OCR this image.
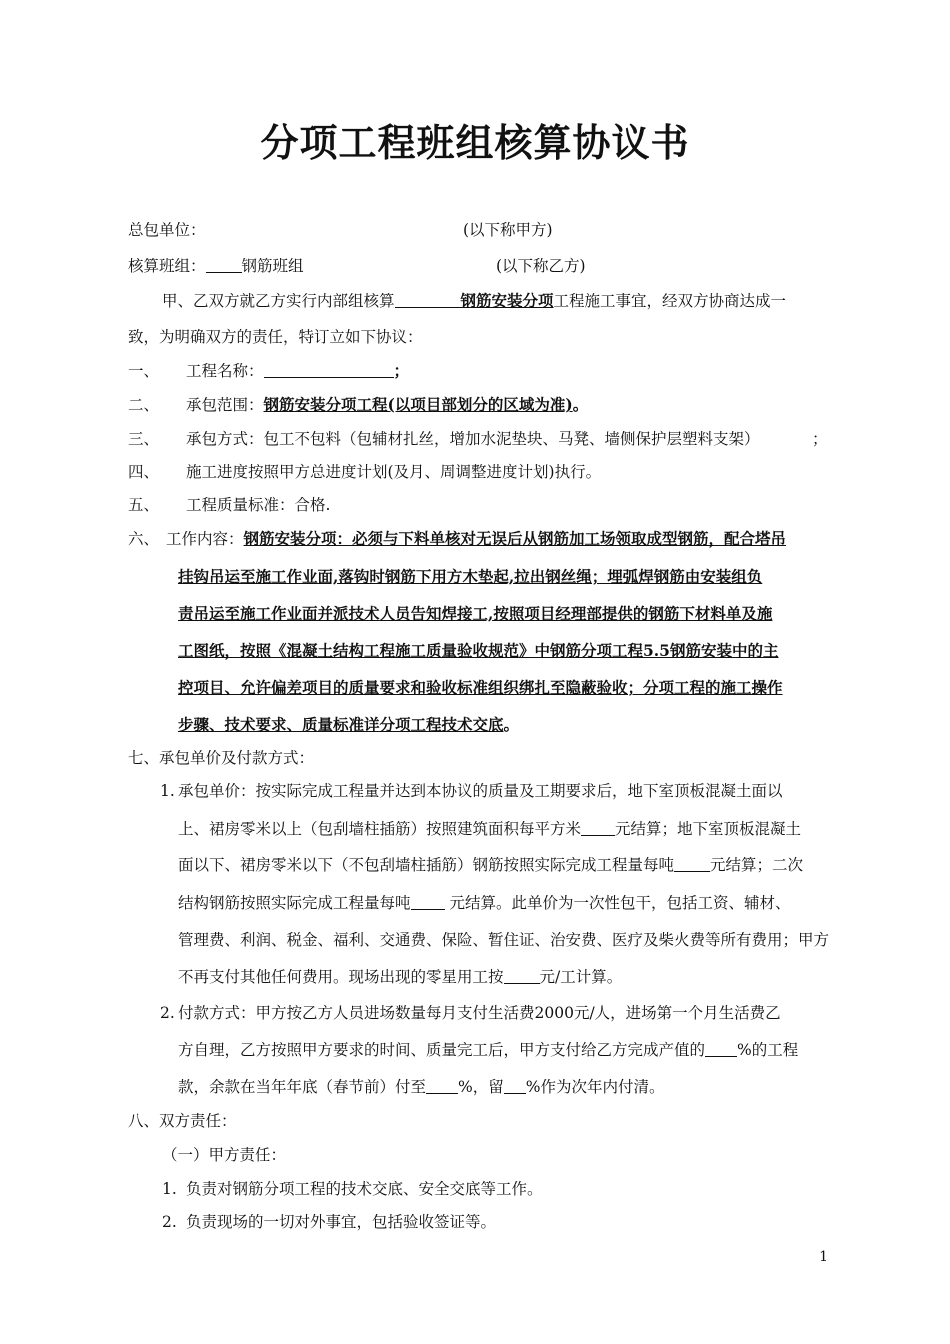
分项工程班组核算协议书
总包单位：	(以下称甲方)
核算班组： 钢筋班组	(以下称乙方)
甲、乙双方就乙方实行内部组核算	钢筋安装分项工程施工事宜，经双方协商达成一
致，为明确双方的责任，特订立如下协议：
一、 工程名称：	；
二、 承包范围：钢筋安装分项工程(以项目部划分的区域为准)。
三、 承包方式：包工不包料（包辅材扎丝，增加水泥垫块、马凳、墙侧保护层塑料支架）	；
四、 施工进度按照甲方总进度计划(及月、周调整进度计划)执行。
五、 工程质量标准：合格.
六、 工作内容：钢筋安装分项：必须与下料单核对无误后从钢筋加工场领取成型钢筋，配合塔吊
挂钩吊运至施工作业面,落钩时钢筋下用方木垫起,拉出钢丝绳；埋弧焊钢筋由安装组负
责吊运至施工作业面并派技术人员告知焊接工,按照项目经理部提供的钢筋下材料单及施
工图纸，按照《混凝土结构工程施工质量验收规范》中钢筋分项工程5.5钢筋安装中的主
控项目、允许偏差项目的质量要求和验收标准组织绑扎至隐蔽验收；分项工程的施工操作
步骤、技术要求、质量标准详分项工程技术交底。
七、承包单价及付款方式：
1. 承包单价：按实际完成工程量并达到本协议的质量及工期要求后，地下室顶板混凝土面以
上、裙房零米以上（包刮墙柱插筋）按照建筑面积每平方米 元结算；地下室顶板混凝土
面以下、裙房零米以下（不包刮墙柱插筋）钢筋按照实际完成工程量每吨 元结算；二次
结构钢筋按照实际完成工程量每吨 元结算。此单价为一次性包干，包括工资、辅材、
管理费、利润、税金、福利、交通费、保险、暂住证、治安费、医疗及柴火费等所有费用；甲方
不再支付其他任何费用。现场出现的零星用工按 元/工计算。
2. 付款方式：甲方按乙方人员进场数量每月支付生活费2000元/人，进场第一个月生活费乙
方自理，乙方按照甲方要求的时间、质量完工后，甲方支付给乙方完成产值的 %的工程
款，余款在当年年底（春节前）付至 %，留 %作为次年内付清。
八、双方责任：
（一）甲方责任：
1. 负责对钢筋分项工程的技术交底、安全交底等工作。
2. 负责现场的一切对外事宜，包括验收签证等。
1
